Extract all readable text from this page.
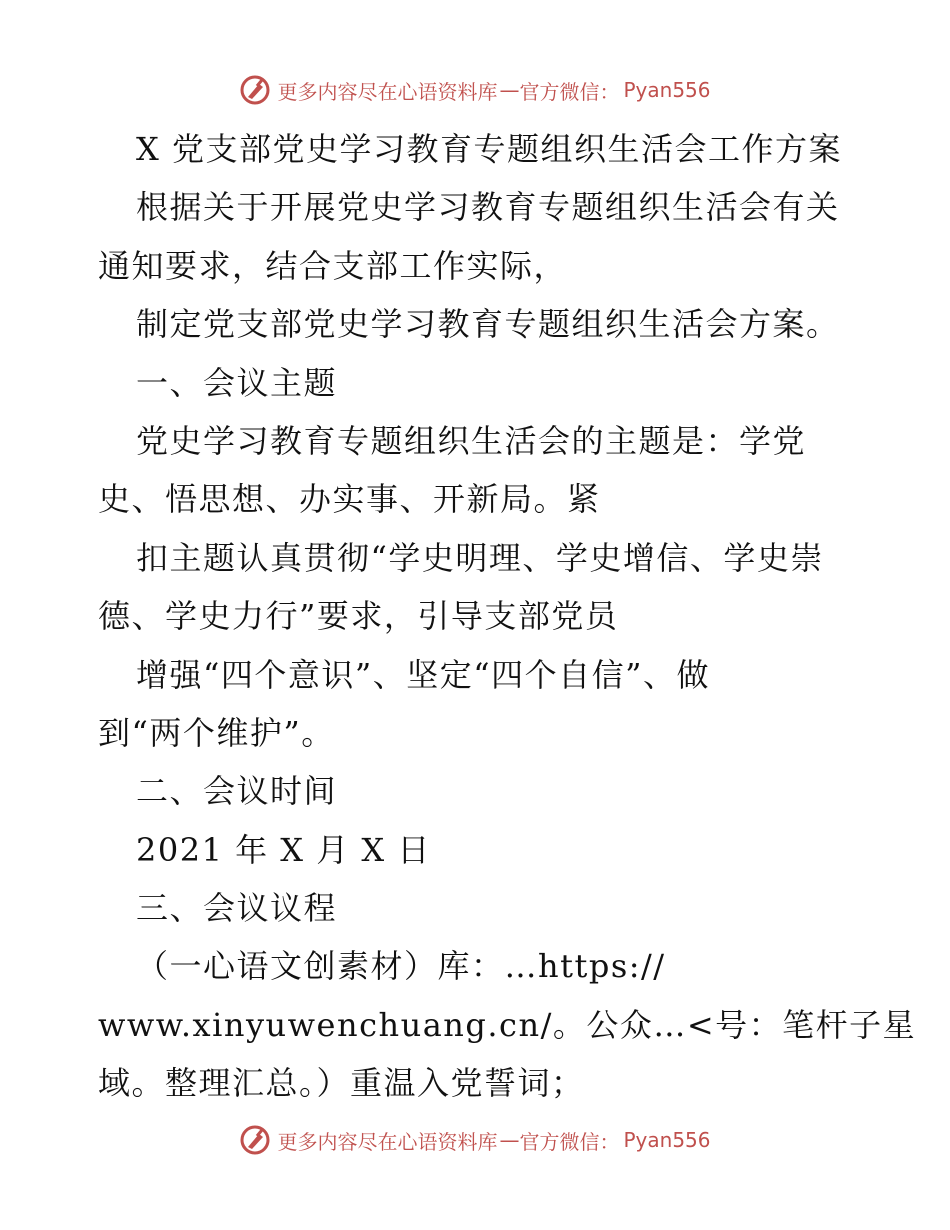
更多内容尽在心语资料库 — 官方微信： Pyan556
X 党支部党史学习教育专题组织生活会工作方案
根据关于开展党史学习教育专题组织生活会有关
通知要求，结合支部工作实际，
制定党支部党史学习教育专题组织生活会方案。
一、会议主题
党史学习教育专题组织生活会的主题是：学党
史、悟思想、办实事、开新局。紧
扣主题认真贯彻“学史明理、学史增信、学史崇
德、学史力行”要求，引导支部党员
增强“四个意识”、坚定“四个自信”、做
到“两个维护”。
二、会议时间
2021 年 X 月 X 日
三、会议议程
（一心语文创素材）库：…https://
www.xinyuwenchuang.cn/。公众…<号：笔杆子星
域。整理汇总。）重温入党誓词；
更多内容尽在心语资料库 — 官方微信： Pyan556
